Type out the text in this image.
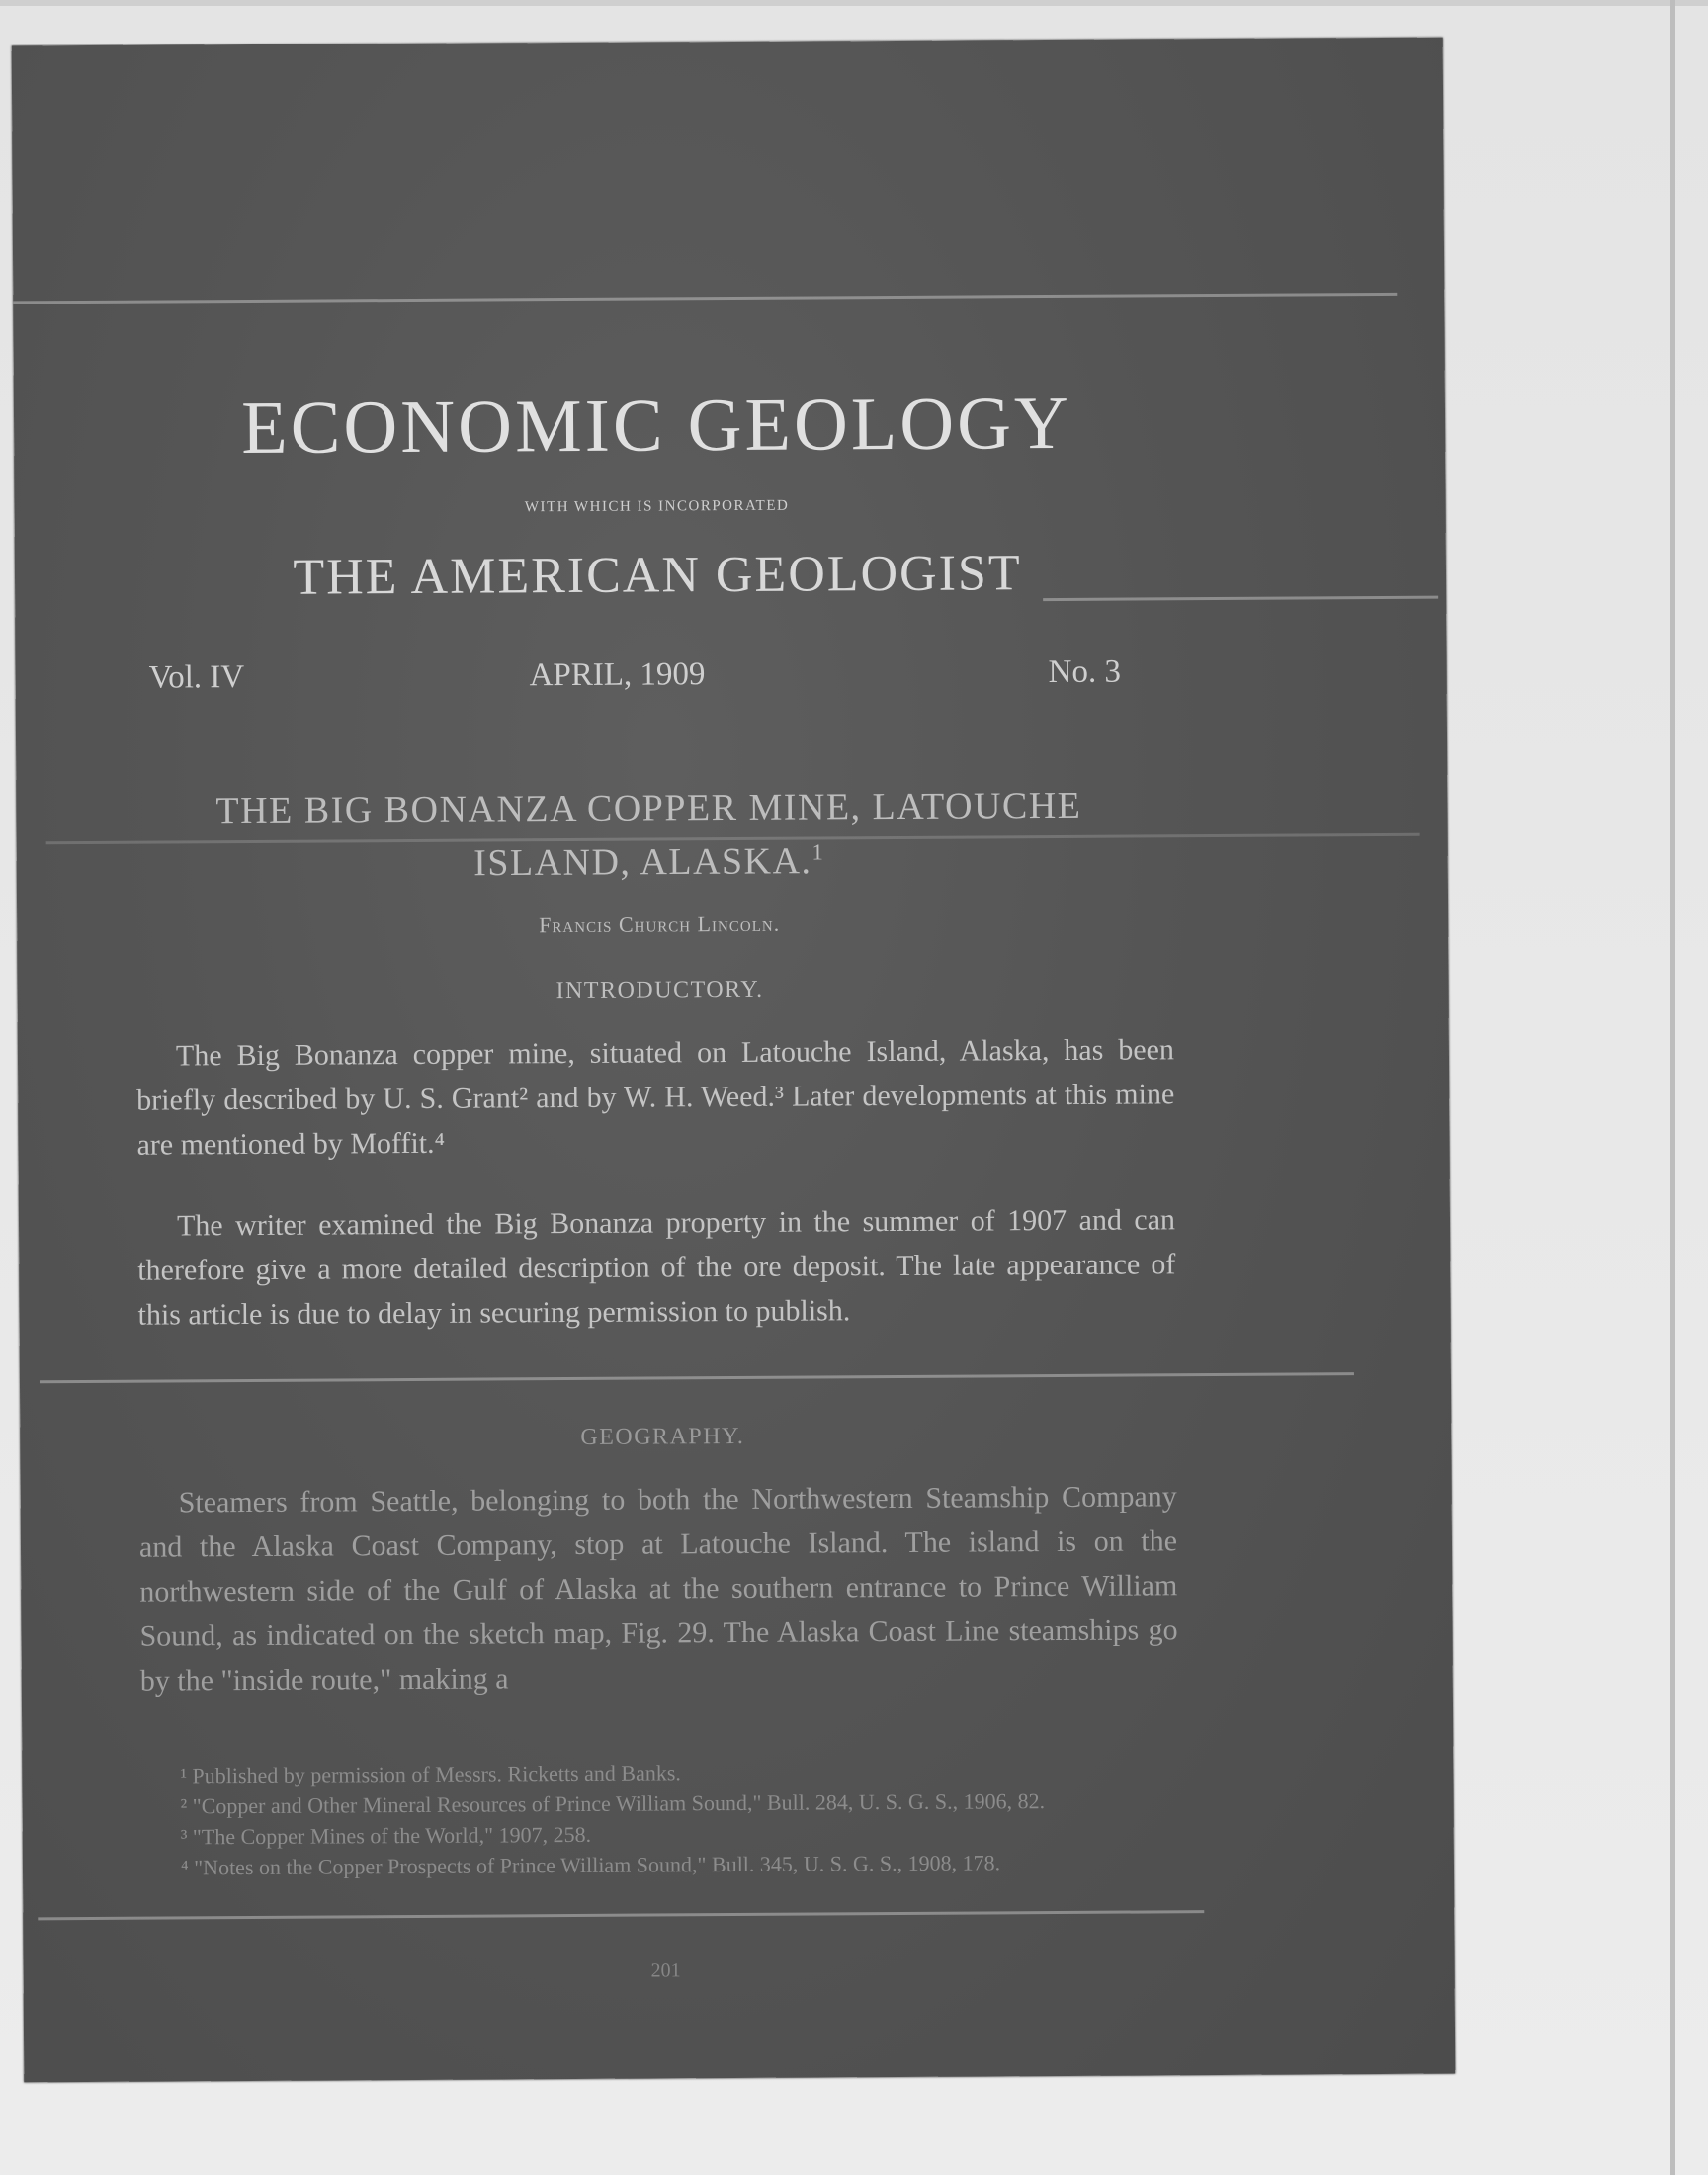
ECONOMIC GEOLOGY
WITH WHICH IS INCORPORATED
THE AMERICAN GEOLOGIST
Vol. IV	APRIL, 1909	No. 3
THE BIG BONANZA COPPER MINE, LATOUCHE
ISLAND, ALASKA.$^1$
Francis Church Lincoln.
INTRODUCTORY.

The Big Bonanza copper mine, situated on Latouche Island, Alaska, has been briefly described by U. S. Grant² and by W. H. Weed.³ Later developments at this mine are mentioned by Moffit.⁴

The writer examined the Big Bonanza property in the summer of 1907 and can therefore give a more detailed description of the ore deposit. The late appearance of this article is due to delay in securing permission to publish.

GEOGRAPHY.

Steamers from Seattle, belonging to both the Northwestern Steamship Company and the Alaska Coast Company, stop at Latouche Island. The island is on the northwestern side of the Gulf of Alaska at the southern entrance to Prince William Sound, as indicated on the sketch map, Fig. 29. The Alaska Coast Line steamships go by the "inside route," making a

¹ Published by permission of Messrs. Ricketts and Banks.
² "Copper and Other Mineral Resources of Prince William Sound," Bull. 284, U. S. G. S., 1906, 82.
³ "The Copper Mines of the World," 1907, 258.
⁴ "Notes on the Copper Prospects of Prince William Sound," Bull. 345, U. S. G. S., 1908, 178.
201
